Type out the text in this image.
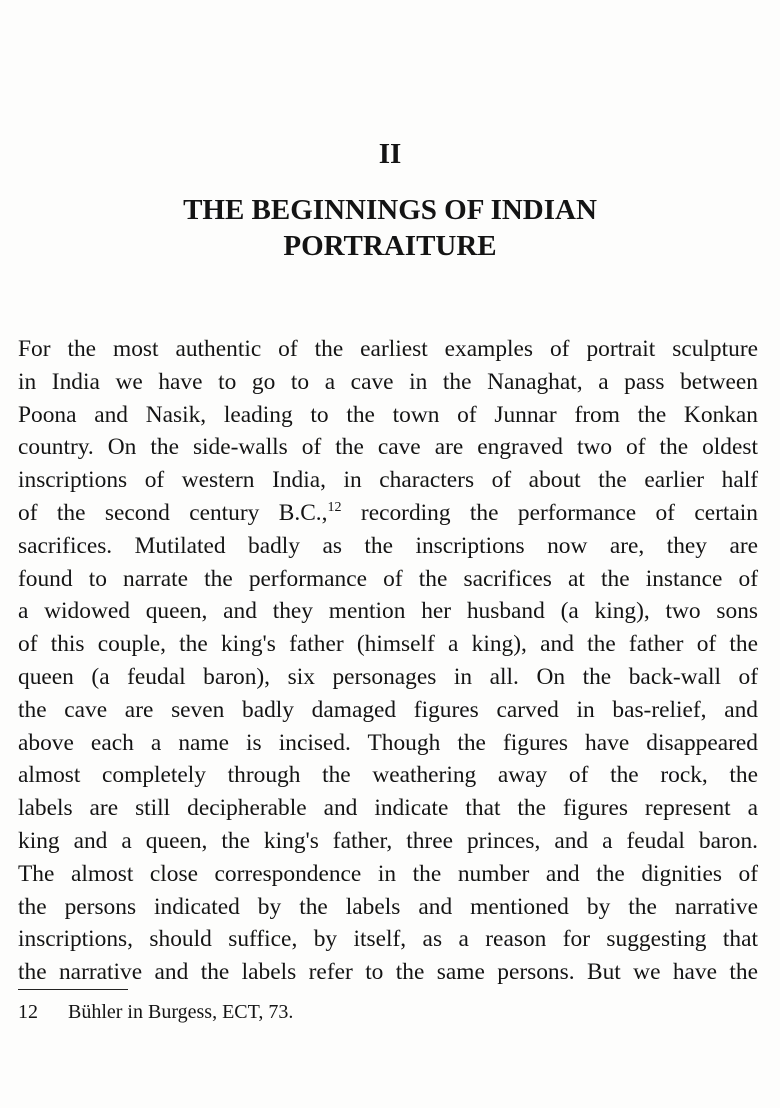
II
THE BEGINNINGS OF INDIAN PORTRAITURE
For the most authentic of the earliest examples of portrait sculpture
in India we have to go to a cave in the Nanaghat, a pass between
Poona and Nasik, leading to the town of Junnar from the Konkan
country. On the side-walls of the cave are engraved two of the oldest
inscriptions of western India, in characters of about the earlier half
of the second century B.C.,$^{12}$ recording the performance of certain
sacrifices. Mutilated badly as the inscriptions now are, they are
found to narrate the performance of the sacrifices at the instance of
a widowed queen, and they mention her husband (a king), two sons
of this couple, the king's father (himself a king), and the father of the
queen (a feudal baron), six personages in all. On the back-wall of
the cave are seven badly damaged figures carved in bas-relief, and
above each a name is incised. Though the figures have disappeared
almost completely through the weathering away of the rock, the
labels are still decipherable and indicate that the figures represent a
king and a queen, the king's father, three princes, and a feudal baron.
The almost close correspondence in the number and the dignities of
the persons indicated by the labels and mentioned by the narrative
inscriptions, should suffice, by itself, as a reason for suggesting that
the narrative and the labels refer to the same persons. But we have the
12 Bühler in Burgess, ECT, 73.
